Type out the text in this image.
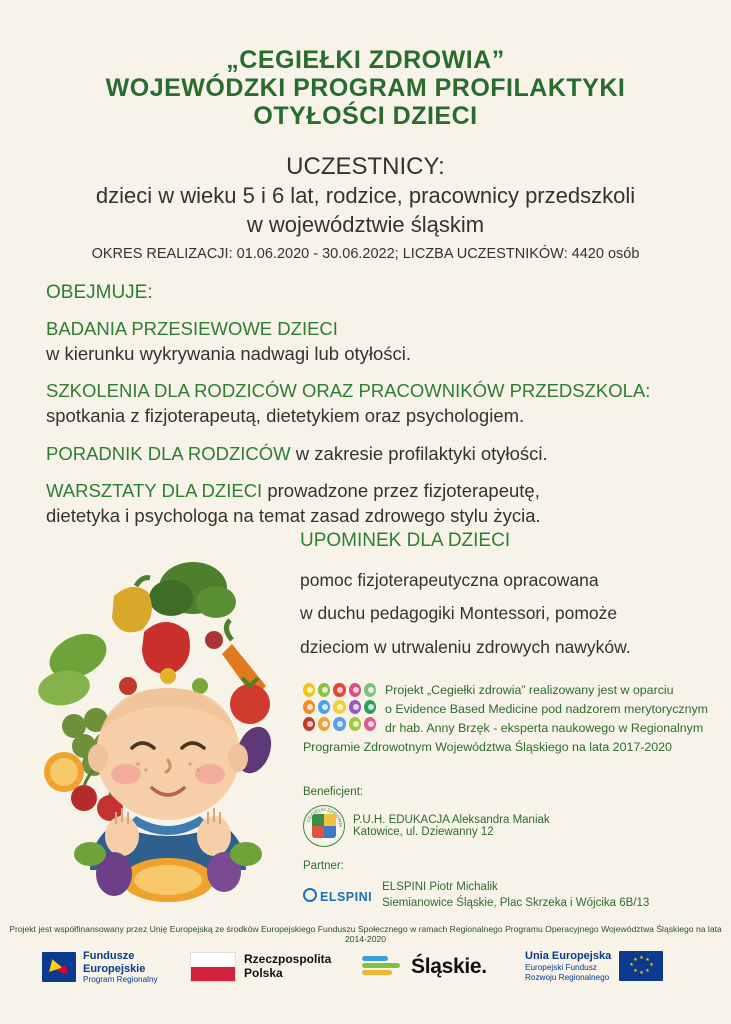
„CEGIEŁKI ZDROWIA”
WOJEWÓDZKI PROGRAM PROFILAKTYKI
OTYŁOŚCI DZIECI
UCZESTNICY:
dzieci w wieku 5 i 6 lat, rodzice, pracownicy przedszkoli
w województwie śląskim
OKRES REALIZACJI: 01.06.2020 - 30.06.2022; LICZBA UCZESTNIKÓW: 4420 osób
OBEJMUJE:
BADANIA PRZESIEWOWE DZIECI
w kierunku wykrywania nadwagi lub otyłości.
SZKOLENIA DLA RODZICÓW ORAZ PRACOWNIKÓW PRZEDSZKOLA:
spotkania z fizjoterapeutą, dietetykiem oraz psychologiem.
PORADNIK DLA RODZICÓW w zakresie profilaktyki otyłości.
WARSZTATY DLA DZIECI prowadzone przez fizjoterapeutę,
dietetyka i psychologa na temat zasad zdrowego stylu życia.
UPOMINEK DLA DZIECI
pomoc fizjoterapeutyczna opracowana
w duchu pedagogiki Montessori, pomoże
dzieciom w utrwaleniu zdrowych nawyków.
Projekt „Cegiełki zdrowia” realizowany jest w oparciu
o Evidence Based Medicine pod nadzorem merytorycznym
dr hab. Anny Brzęk - eksperta naukowego w Regionalnym
Programie Zdrowotnym Województwa Śląskiego na lata 2017-2020
Beneficjent:
CEGIEŁKI ZDROWIA P.U.H. EDUKACJA Aleksandra Maniak
Katowice, ul. Dziewanny 12
Partner:
ELSPINI
ELSPINI Piotr Michalik
Siemianowice Śląskie, Plac Skrzeka i Wójcika 6B/13
Projekt jest współfinansowany przez Unię Europejską ze środków Europejskiego Funduszu Społecznego w ramach Regionalnego Programu Operacyjnego Województwa Śląskiego na lata 2014-2020
Fundusze
Europejskie
Program Regionalny
Rzeczpospolita
Polska	Śląskie.	Unia Europejska
Europejski Fundusz
Rozwoju Regionalnego
★ ★
★
★
★
★
★
★
